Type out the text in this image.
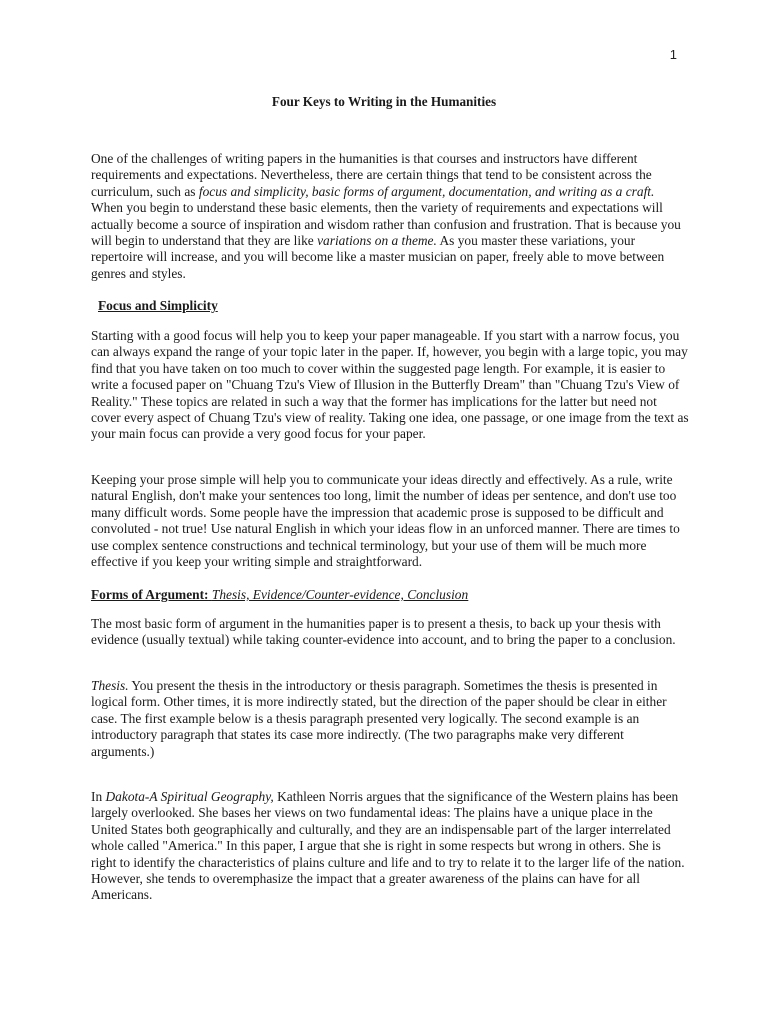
1
Four Keys to Writing in the Humanities

One of the challenges of writing papers in the humanities is that courses and instructors have different requirements and expectations. Nevertheless, there are certain things that tend to be consistent across the curriculum, such as focus and simplicity, basic forms of argument, documentation, and writing as a craft. When you begin to understand these basic elements, then the variety of requirements and expectations will actually become a source of inspiration and wisdom rather than confusion and frustration. That is because you will begin to understand that they are like variations on a theme. As you master these variations, your repertoire will increase, and you will become like a master musician on paper, freely able to move between genres and styles.

Focus and Simplicity

Starting with a good focus will help you to keep your paper manageable. If you start with a narrow focus, you can always expand the range of your topic later in the paper. If, however, you begin with a large topic, you may find that you have taken on too much to cover within the suggested page length. For example, it is easier to write a focused paper on "Chuang Tzu's View of Illusion in the Butterfly Dream" than "Chuang Tzu's View of Reality." These topics are related in such a way that the former has implications for the latter but need not cover every aspect of Chuang Tzu's view of reality. Taking one idea, one passage, or one image from the text as your main focus can provide a very good focus for your paper.

Keeping your prose simple will help you to communicate your ideas directly and effectively. As a rule, write natural English, don't make your sentences too long, limit the number of ideas per sentence, and don't use too many difficult words. Some people have the impression that academic prose is supposed to be difficult and convoluted - not true! Use natural English in which your ideas flow in an unforced manner. There are times to use complex sentence constructions and technical terminology, but your use of them will be much more effective if you keep your writing simple and straightforward.

Forms of Argument: Thesis, Evidence/Counter-evidence, Conclusion

The most basic form of argument in the humanities paper is to present a thesis, to back up your thesis with evidence (usually textual) while taking counter-evidence into account, and to bring the paper to a conclusion.

Thesis. You present the thesis in the introductory or thesis paragraph. Sometimes the thesis is presented in logical form. Other times, it is more indirectly stated, but the direction of the paper should be clear in either case. The first example below is a thesis paragraph presented very logically. The second example is an introductory paragraph that states its case more indirectly. (The two paragraphs make very different arguments.)

In Dakota-A Spiritual Geography, Kathleen Norris argues that the significance of the Western plains has been largely overlooked. She bases her views on two fundamental ideas: The plains have a unique place in the United States both geographically and culturally, and they are an indispensable part of the larger interrelated whole called "America." In this paper, I argue that she is right in some respects but wrong in others. She is right to identify the characteristics of plains culture and life and to try to relate it to the larger life of the nation. However, she tends to overemphasize the impact that a greater awareness of the plains can have for all Americans.
